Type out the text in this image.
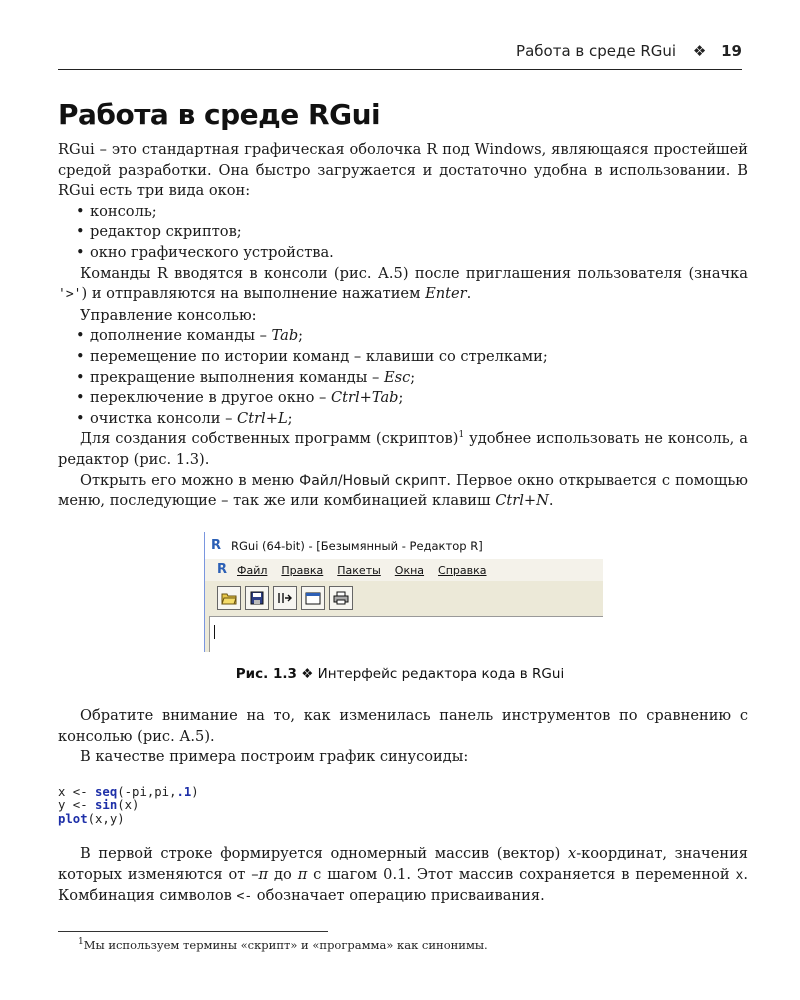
Работа в среде RGui ❖ 19
Работа в среде RGui

RGui – это стандартная графическая оболочка R под Windows, являющаяся простейшей средой разработки. Она быстро загружается и достаточно удобна в использовании. В RGui есть три вида окон:

• консоль;
• редактор скриптов;
• окно графического устройства.

Команды R вводятся в консоли (рис. А.5) после приглашения пользователя (значка '>') и отправляются на выполнение нажатием Enter.

Управление консолью:

• дополнение команды – Tab;
• перемещение по истории команд – клавиши со стрелками;
• прекращение выполнения команды – Esc;
• переключение в другое окно – Ctrl+Tab;
• очистка консоли – Ctrl+L;

Для создания собственных программ (скриптов)$^1$ удобнее использовать не консоль, а редактор (рис. 1.3).

Открыть его можно в меню Файл/Новый скрипт. Первое окно открывается с помощью меню, последующие – так же или комбинацией клавиш Ctrl+N.

R RGui (64-bit) - [Безымянный - Редактор R]
R Файл Правка Пакеты Окна Справка
Рис. 1.3 ❖ Интерфейс редактора кода в RGui

Обратите внимание на то, как изменилась панель инструментов по сравнению с консолью (рис. А.5).

В качестве примера построим график синусоиды:

x <- seq(-pi,pi,.1)
y <- sin(x)
plot(x,y)

В первой строке формируется одномерный массив (вектор) x-координат, значения которых изменяются от –π до π с шагом 0.1. Этот массив сохраняется в переменной x. Комбинация символов <- обозначает операцию присваивания.

$^1$Мы используем термины «скрипт» и «программа» как синонимы.
